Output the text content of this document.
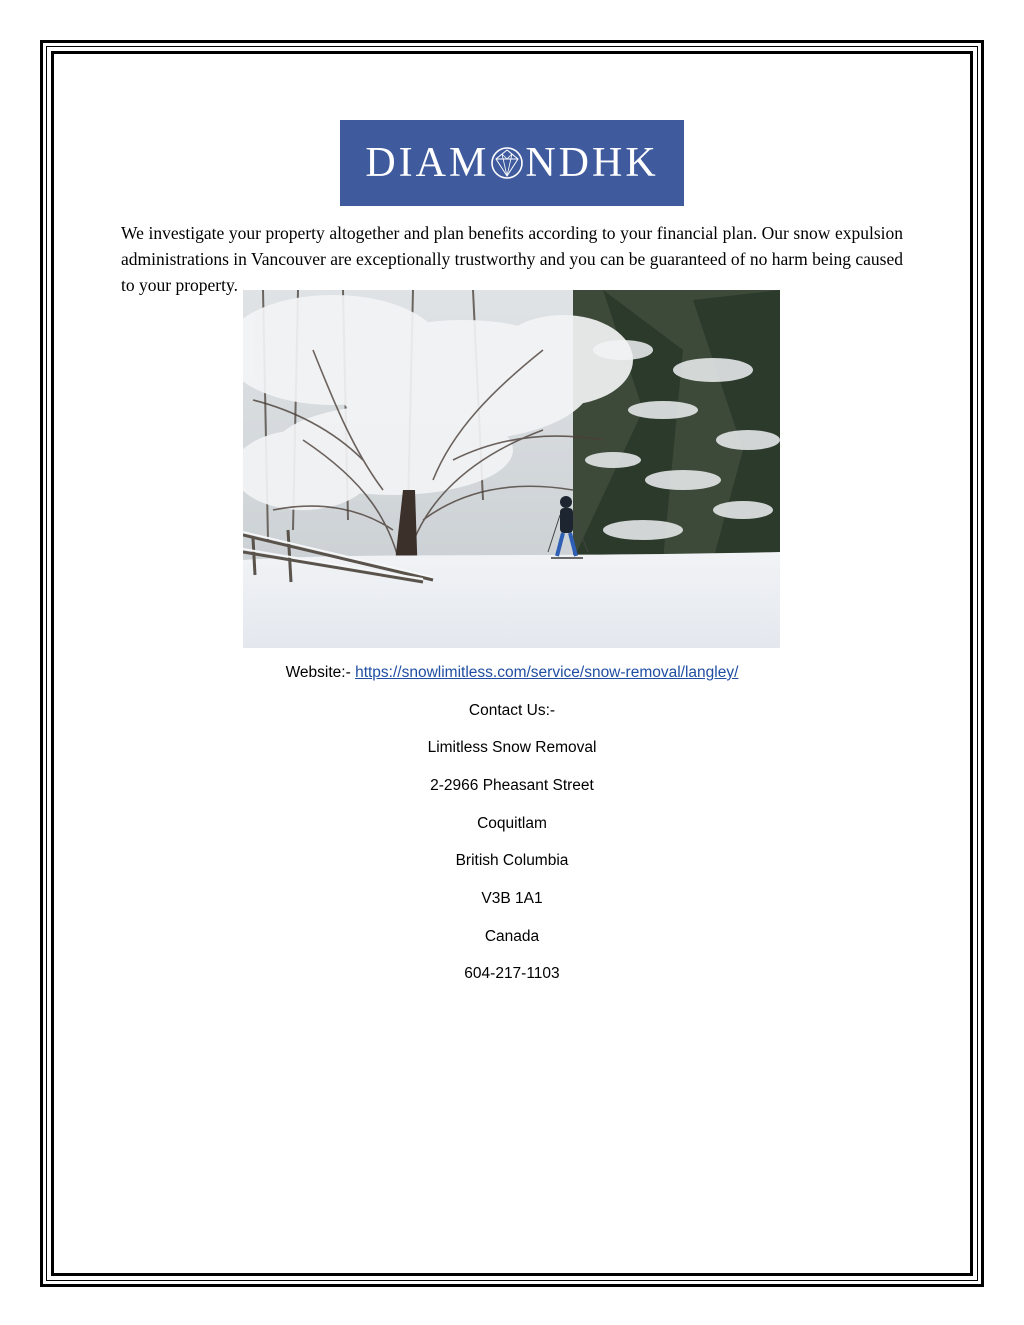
DIAM NDHK

We investigate your property altogether and plan benefits according to your financial plan. Our snow expulsion administrations in Vancouver are exceptionally trustworthy and you can be guaranteed of no harm being caused to your property.

Website:- https://snowlimitless.com/service/snow-removal/langley/
Contact Us:-
Limitless Snow Removal
2-2966 Pheasant Street
Coquitlam
British Columbia
V3B 1A1
Canada
604-217-1103
